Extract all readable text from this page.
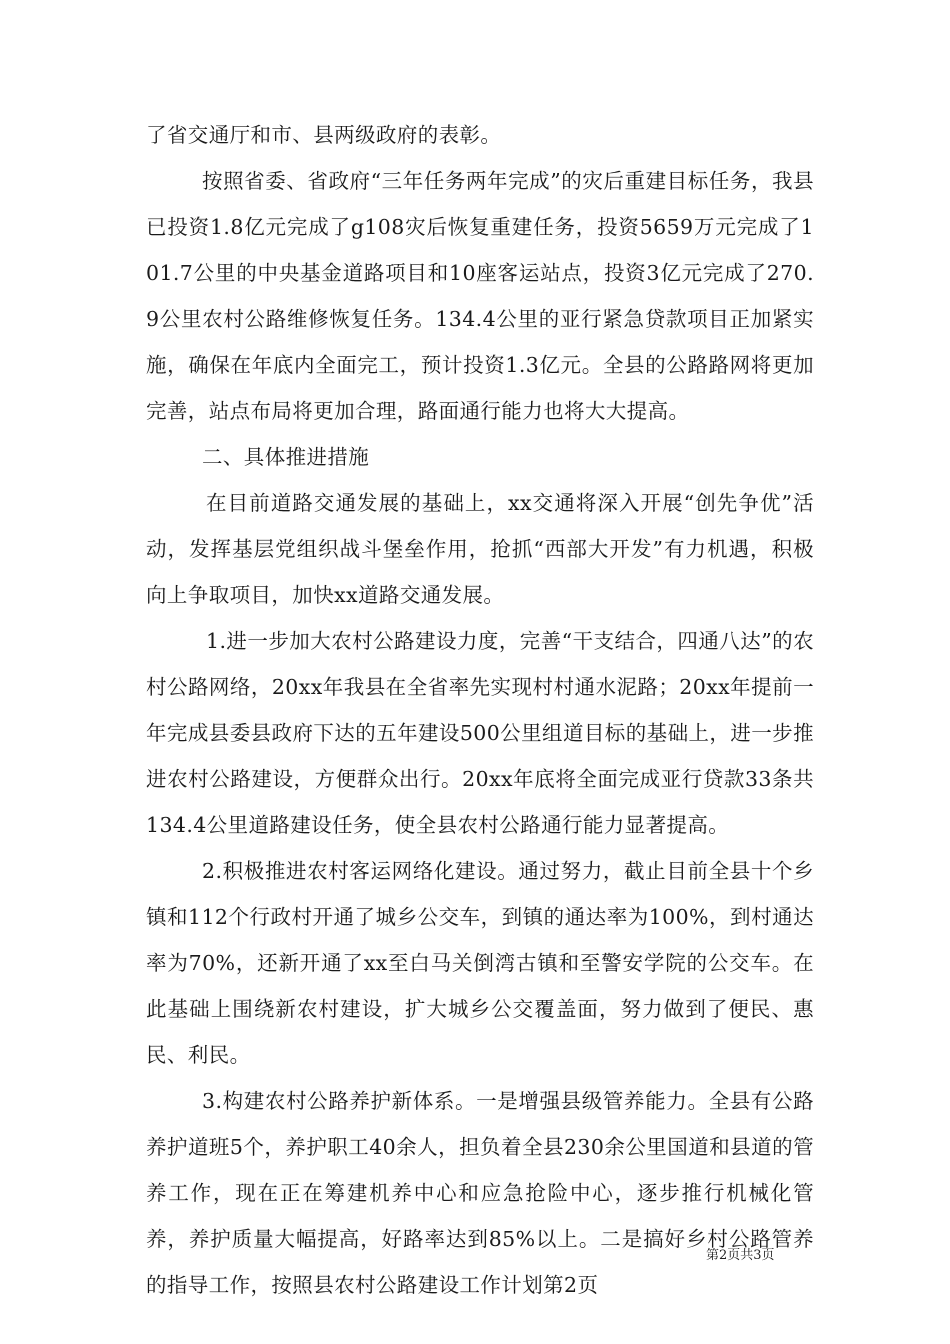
了省交通厅和市、县两级政府的表彰。

按照省委、省政府“三年任务两年完成”的灾后重建目标任务，我县已投资1.8亿元完成了g108灾后恢复重建任务，投资5659万元完成了101.7公里的中央基金道路项目和10座客运站点，投资3亿元完成了270.9公里农村公路维修恢复任务。134.4公里的亚行紧急贷款项目正加紧实施，确保在年底内全面完工，预计投资1.3亿元。全县的公路路网将更加完善，站点布局将更加合理，路面通行能力也将大大提高。

二、具体推进措施

在目前道路交通发展的基础上，xx交通将深入开展“创先争优”活动，发挥基层党组织战斗堡垒作用，抢抓“西部大开发”有力机遇，积极向上争取项目，加快xx道路交通发展。

1.进一步加大农村公路建设力度，完善“干支结合，四通八达”的农村公路网络，20xx年我县在全省率先实现村村通水泥路；20xx年提前一年完成县委县政府下达的五年建设500公里组道目标的基础上，进一步推进农村公路建设，方便群众出行。20xx年底将全面完成亚行贷款33条共134.4公里道路建设任务，使全县农村公路通行能力显著提高。

2.积极推进农村客运网络化建设。通过努力，截止目前全县十个乡镇和112个行政村开通了城乡公交车，到镇的通达率为100%，到村通达率为70%，还新开通了xx至白马关倒湾古镇和至警安学院的公交车。在此基础上围绕新农村建设，扩大城乡公交覆盖面，努力做到了便民、惠民、利民。

3.构建农村公路养护新体系。一是增强县级管养能力。全县有公路养护道班5个，养护职工40余人，担负着全县230余公里国道和县道的管养工作，现在正在筹建机养中心和应急抢险中心，逐步推行机械化管养，养护质量大幅提高，好路率达到85%以上。二是搞好乡村公路管养的指导工作，按照县农村公路建设工作计划第2页

第2页共3页
